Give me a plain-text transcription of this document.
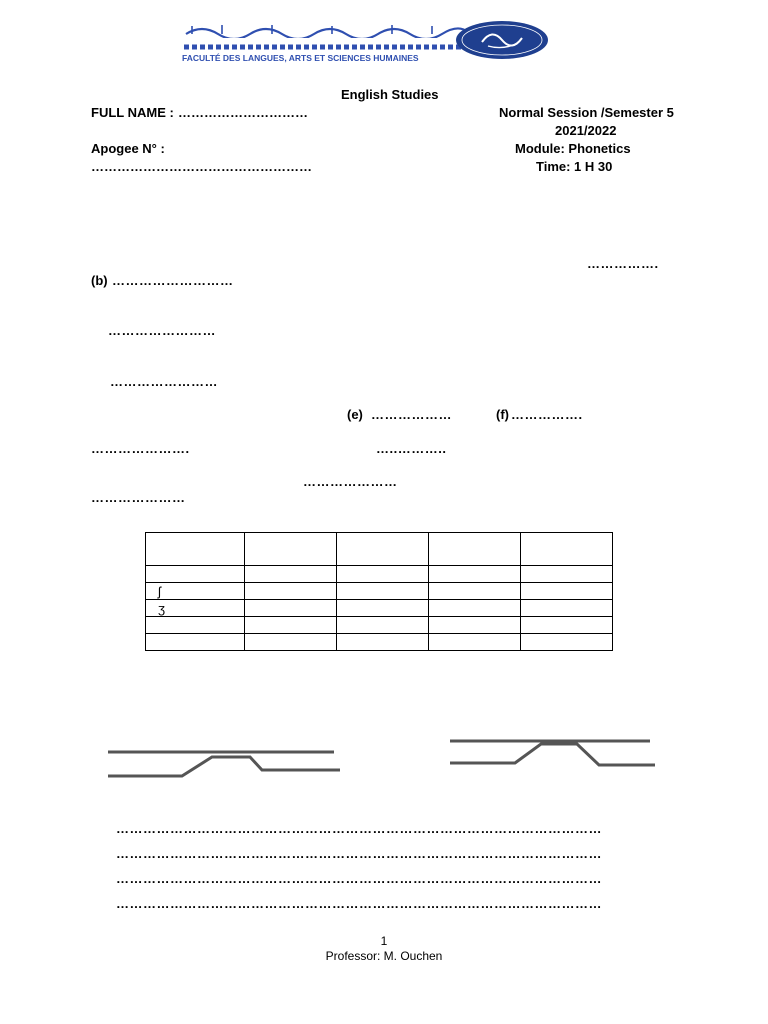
FACULTÉ DES LANGUES, ARTS ET SCIENCES HUMAINES
English Studies
FULL NAME : …………………………
Apogee N° :
……………………………………………
Normal Session /Semester 5
2021/2022
Module: Phonetics
Time: 1 H 30
…………….
(b) ………………………
……………………
……………………
(e) ………………	(f) …………….
………………….	…..………..
…………………
…………………

ʃ				
ʒ				

………………………………………………………………………………………………
………………………………………………………………………………………………
………………………………………………………………………………………………
………………………………………………………………………………………………
1
Professor: M. Ouchen
